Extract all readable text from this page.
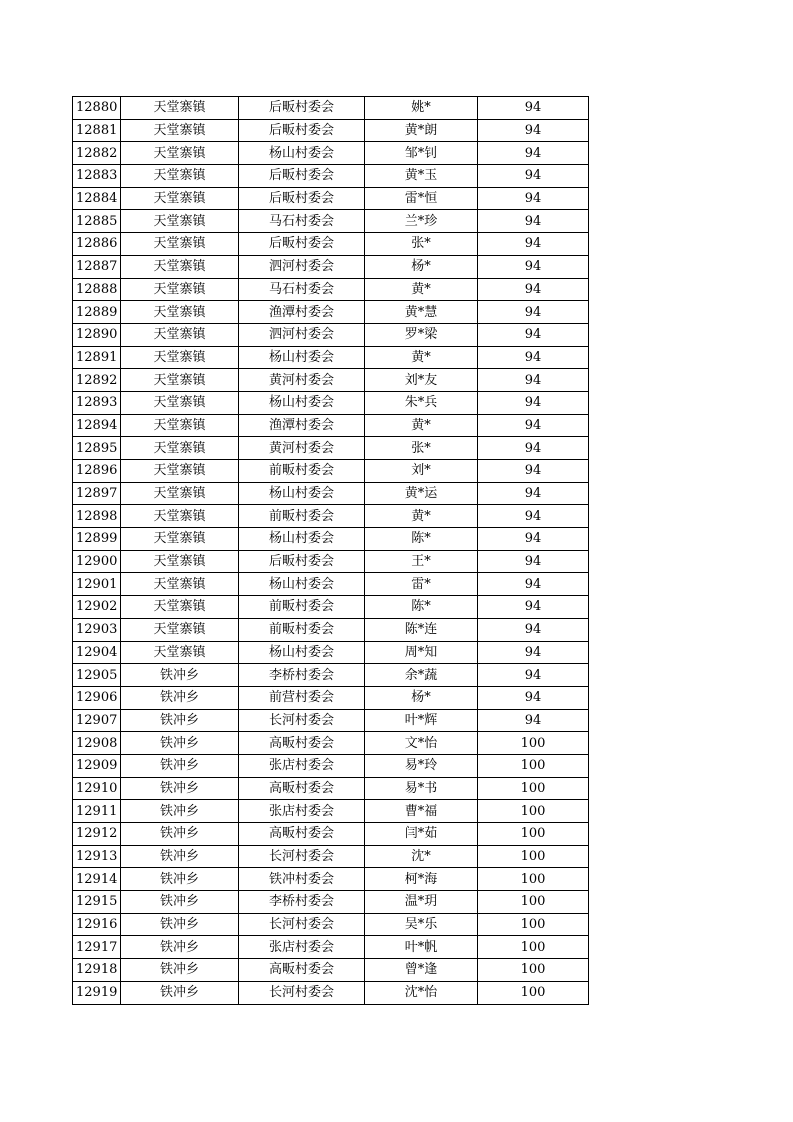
12880	天堂寨镇	后畈村委会	姚*	94
12881	天堂寨镇	后畈村委会	黄*朗	94
12882	天堂寨镇	杨山村委会	邹*钊	94
12883	天堂寨镇	后畈村委会	黄*玉	94
12884	天堂寨镇	后畈村委会	雷*恒	94
12885	天堂寨镇	马石村委会	兰*珍	94
12886	天堂寨镇	后畈村委会	张*	94
12887	天堂寨镇	泗河村委会	杨*	94
12888	天堂寨镇	马石村委会	黄*	94
12889	天堂寨镇	渔潭村委会	黄*慧	94
12890	天堂寨镇	泗河村委会	罗*梁	94
12891	天堂寨镇	杨山村委会	黄*	94
12892	天堂寨镇	黄河村委会	刘*友	94
12893	天堂寨镇	杨山村委会	朱*兵	94
12894	天堂寨镇	渔潭村委会	黄*	94
12895	天堂寨镇	黄河村委会	张*	94
12896	天堂寨镇	前畈村委会	刘*	94
12897	天堂寨镇	杨山村委会	黄*运	94
12898	天堂寨镇	前畈村委会	黄*	94
12899	天堂寨镇	杨山村委会	陈*	94
12900	天堂寨镇	后畈村委会	王*	94
12901	天堂寨镇	杨山村委会	雷*	94
12902	天堂寨镇	前畈村委会	陈*	94
12903	天堂寨镇	前畈村委会	陈*连	94
12904	天堂寨镇	杨山村委会	周*知	94
12905	铁冲乡	李桥村委会	余*蔬	94
12906	铁冲乡	前营村委会	杨*	94
12907	铁冲乡	长河村委会	叶*辉	94
12908	铁冲乡	高畈村委会	文*怡	100
12909	铁冲乡	张店村委会	易*玲	100
12910	铁冲乡	高畈村委会	易*书	100
12911	铁冲乡	张店村委会	曹*福	100
12912	铁冲乡	高畈村委会	闫*茹	100
12913	铁冲乡	长河村委会	沈*	100
12914	铁冲乡	铁冲村委会	柯*海	100
12915	铁冲乡	李桥村委会	温*玥	100
12916	铁冲乡	长河村委会	吴*乐	100
12917	铁冲乡	张店村委会	叶*帆	100
12918	铁冲乡	高畈村委会	曾*逢	100
12919	铁冲乡	长河村委会	沈*怡	100
